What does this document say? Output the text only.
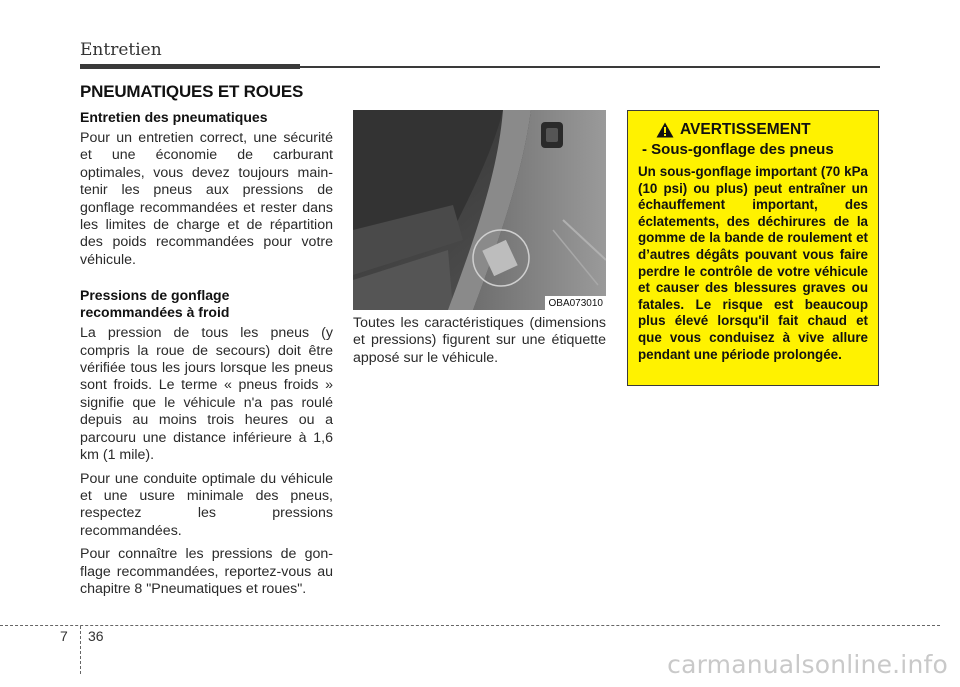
Entretien
PNEUMATIQUES ET ROUES
Entretien des pneumatiques

Pour un entretien correct, une sécurité et une économie de carburant optimales, vous devez toujours maintenir les pneus aux pressions de gonflage recommandées et rester dans les limites de charge et de répartition des poids recommandées pour votre véhicule.

Pressions de gonflage
recommandées à froid

La pression de tous les pneus (y compris la roue de secours) doit être vérifiée tous les jours lorsque les pneus sont froids. Le terme « pneus froids » signifie que le véhicule n'a pas roulé depuis au moins trois heures ou a parcouru une distance inférieure à 1,6 km (1 mile).

Pour une conduite optimale du véhicule et une usure minimale des pneus, respectez les pressions recommandées.

Pour connaître les pressions de gonflage recommandées, reportez-vous au chapitre 8 "Pneumatiques et roues".

OBA073010

Toutes les caractéristiques (dimensions et pressions) figurent sur une étiquette apposé sur le véhicule.

AVERTISSEMENT
- Sous-gonflage des pneus

Un sous-gonflage important (70 kPa (10 psi) ou plus) peut entraîner un échauffement important, des éclatements, des déchirures de la gomme de la bande de roulement et d’autres dégâts pouvant vous faire perdre le contrôle de votre véhicule et causer des blessures graves ou fatales. Le risque est beaucoup plus élevé lorsqu'il fait chaud et que vous conduisez à vive allure pendant une période prolongée.

7 36
carmanualsonline.info
